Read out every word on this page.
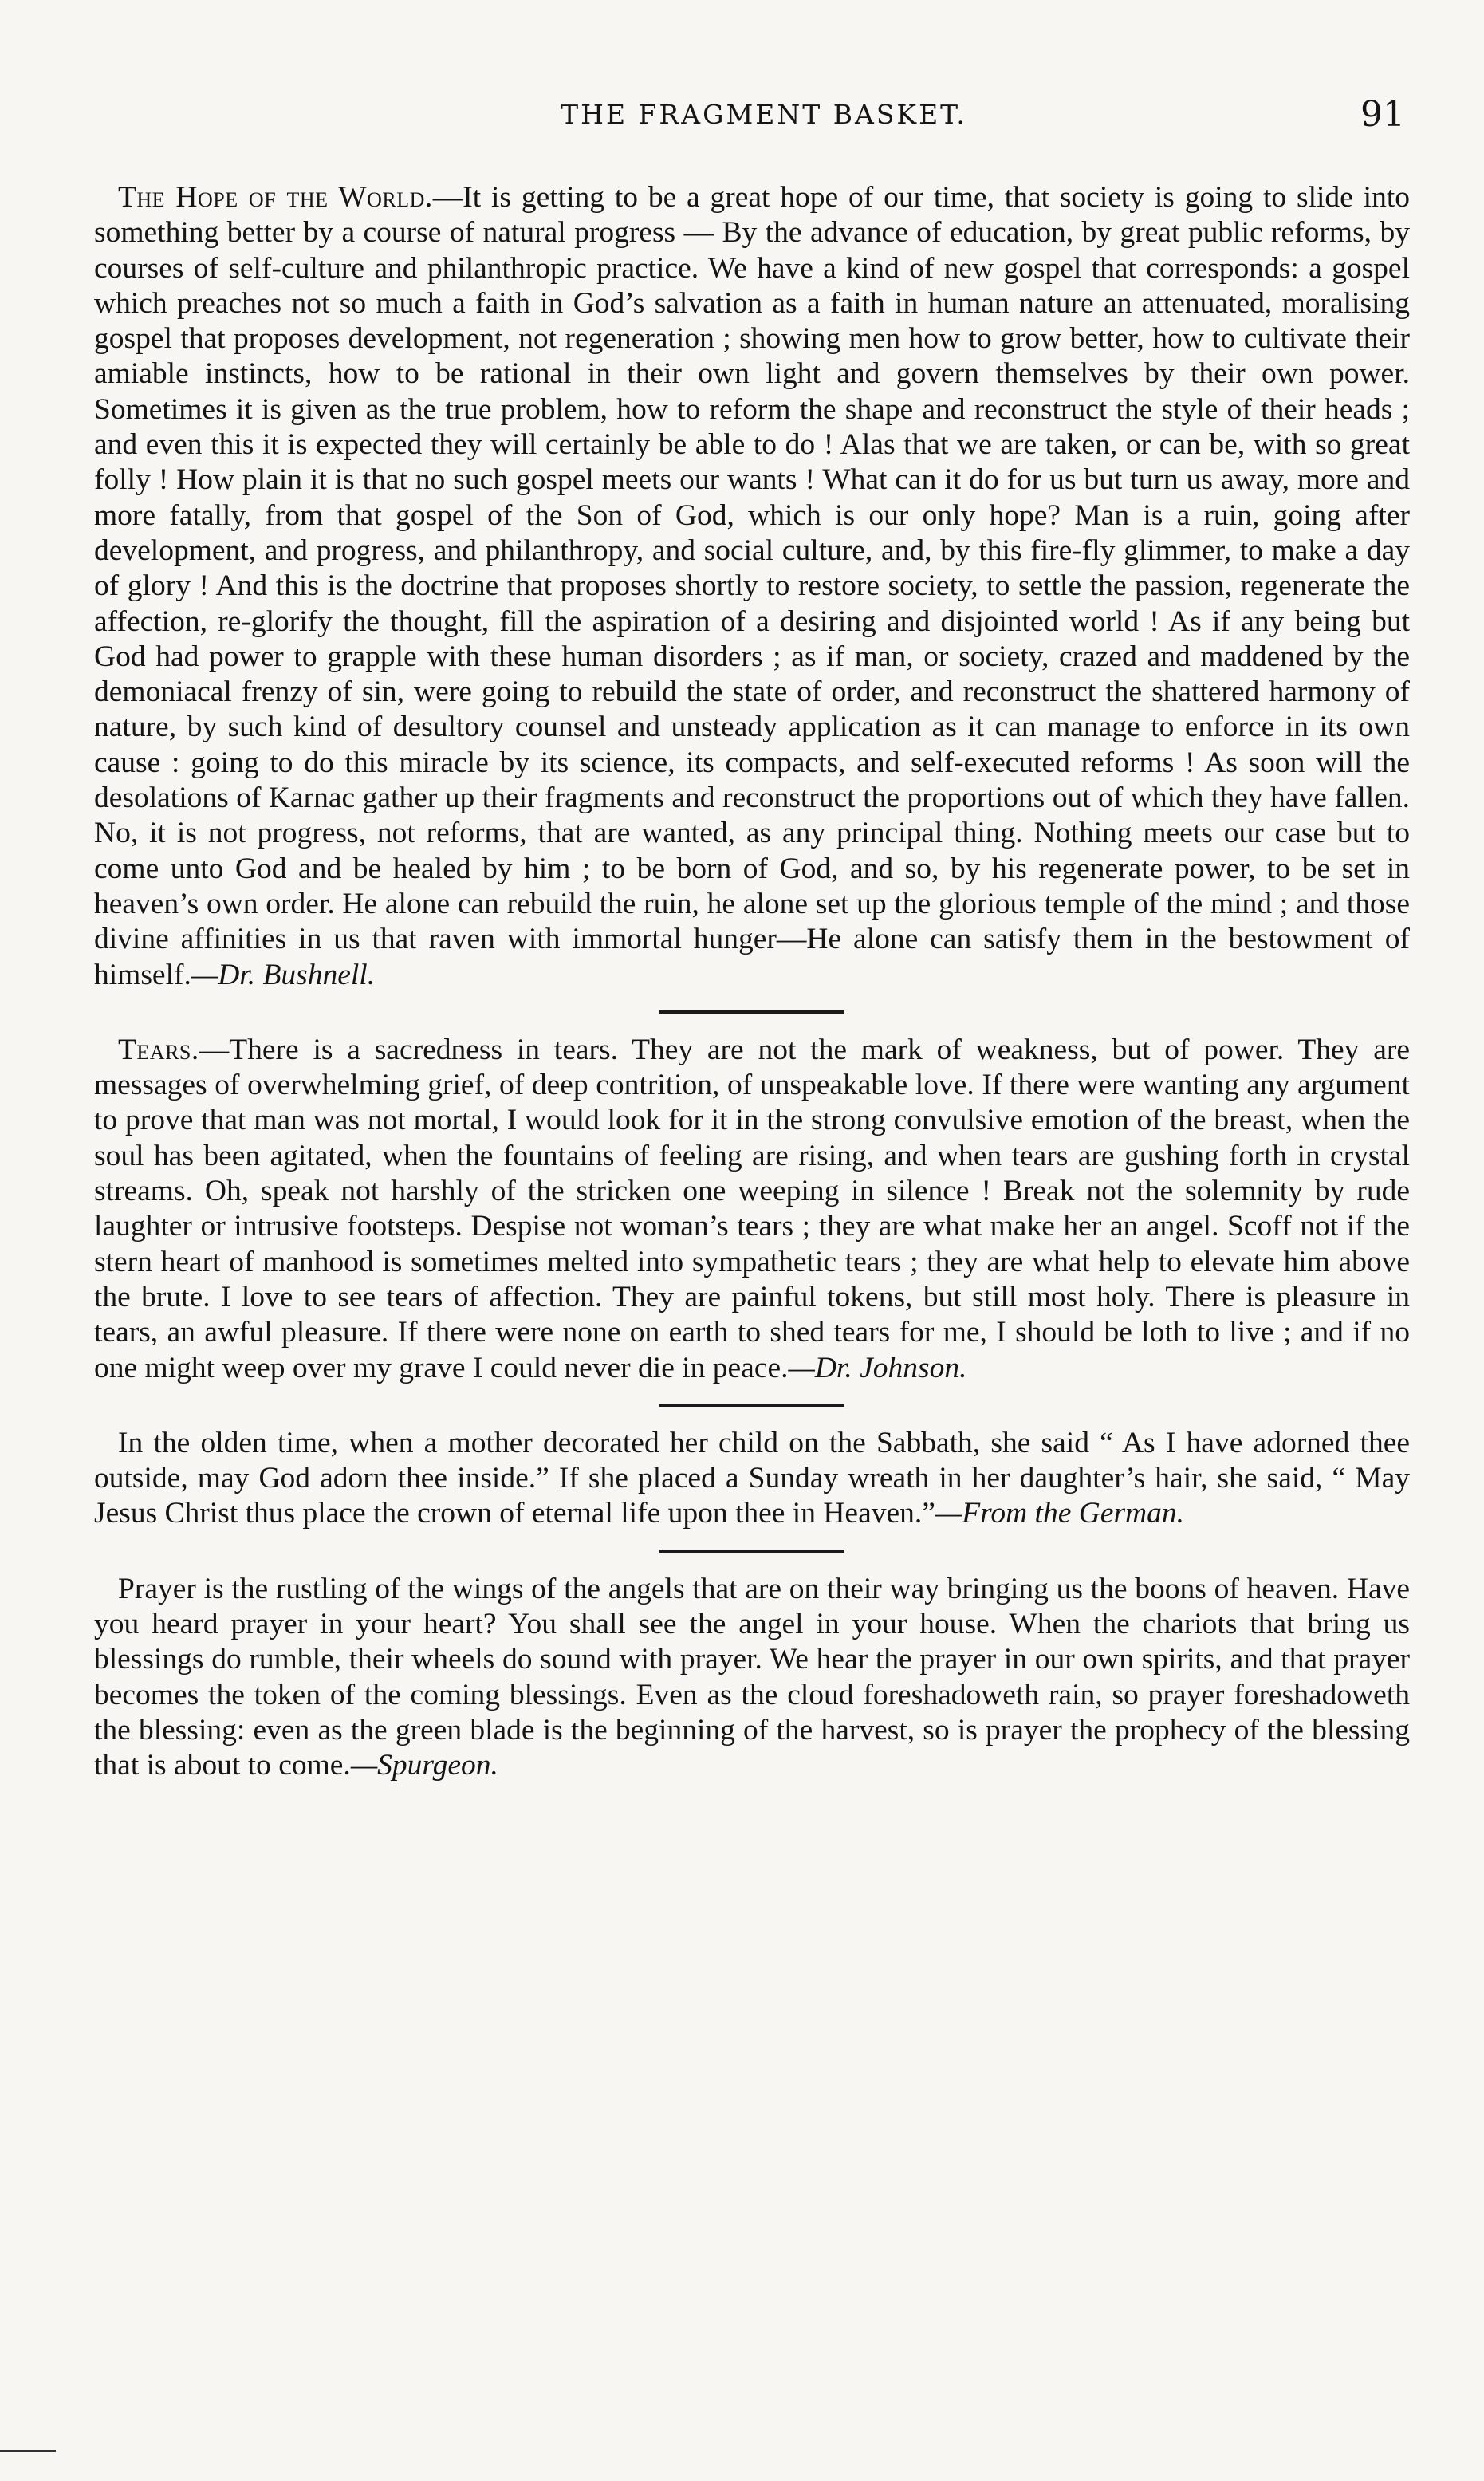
THE FRAGMENT BASKET.	91

The Hope of the World.—It is getting to be a great hope of our time, that society is going to slide into something better by a course of natural progress — By the advance of education, by great public reforms, by courses of self-culture and philanthropic practice. We have a kind of new gospel that corresponds: a gospel which preaches not so much a faith in God’s salvation as a faith in human nature an attenuated, moralising gospel that proposes development, not regeneration ; showing men how to grow better, how to cultivate their amiable instincts, how to be rational in their own light and govern themselves by their own power. Sometimes it is given as the true problem, how to reform the shape and reconstruct the style of their heads ; and even this it is expected they will certainly be able to do ! Alas that we are taken, or can be, with so great folly ! How plain it is that no such gospel meets our wants ! What can it do for us but turn us away, more and more fatally, from that gospel of the Son of God, which is our only hope? Man is a ruin, going after development, and progress, and philanthropy, and social culture, and, by this fire-fly glimmer, to make a day of glory ! And this is the doctrine that proposes shortly to restore society, to settle the passion, regenerate the affection, re-glorify the thought, fill the aspiration of a desiring and disjointed world ! As if any being but God had power to grapple with these human disorders ; as if man, or society, crazed and maddened by the demoniacal frenzy of sin, were going to rebuild the state of order, and reconstruct the shattered harmony of nature, by such kind of desultory counsel and unsteady application as it can manage to enforce in its own cause : going to do this miracle by its science, its compacts, and self-executed reforms ! As soon will the desolations of Karnac gather up their fragments and reconstruct the proportions out of which they have fallen. No, it is not progress, not reforms, that are wanted, as any principal thing. Nothing meets our case but to come unto God and be healed by him ; to be born of God, and so, by his regenerate power, to be set in heaven’s own order. He alone can rebuild the ruin, he alone set up the glorious temple of the mind ; and those divine affinities in us that raven with immortal hunger—He alone can satisfy them in the bestowment of himself.—Dr. Bushnell.

Tears.—There is a sacredness in tears. They are not the mark of weakness, but of power. They are messages of overwhelming grief, of deep contrition, of unspeakable love. If there were wanting any argument to prove that man was not mortal, I would look for it in the strong convulsive emotion of the breast, when the soul has been agitated, when the fountains of feeling are rising, and when tears are gushing forth in crystal streams. Oh, speak not harshly of the stricken one weeping in silence ! Break not the solemnity by rude laughter or intrusive footsteps. Despise not woman’s tears ; they are what make her an angel. Scoff not if the stern heart of manhood is sometimes melted into sympathetic tears ; they are what help to elevate him above the brute. I love to see tears of affection. They are painful tokens, but still most holy. There is pleasure in tears, an awful pleasure. If there were none on earth to shed tears for me, I should be loth to live ; and if no one might weep over my grave I could never die in peace.—Dr. Johnson.

In the olden time, when a mother decorated her child on the Sabbath, she said “ As I have adorned thee outside, may God adorn thee inside.” If she placed a Sunday wreath in her daughter’s hair, she said, “ May Jesus Christ thus place the crown of eternal life upon thee in Heaven.”—From the German.

Prayer is the rustling of the wings of the angels that are on their way bringing us the boons of heaven. Have you heard prayer in your heart? You shall see the angel in your house. When the chariots that bring us blessings do rumble, their wheels do sound with prayer. We hear the prayer in our own spirits, and that prayer becomes the token of the coming blessings. Even as the cloud foreshadoweth rain, so prayer foreshadoweth the blessing: even as the green blade is the beginning of the harvest, so is prayer the prophecy of the blessing that is about to come.—Spurgeon.
